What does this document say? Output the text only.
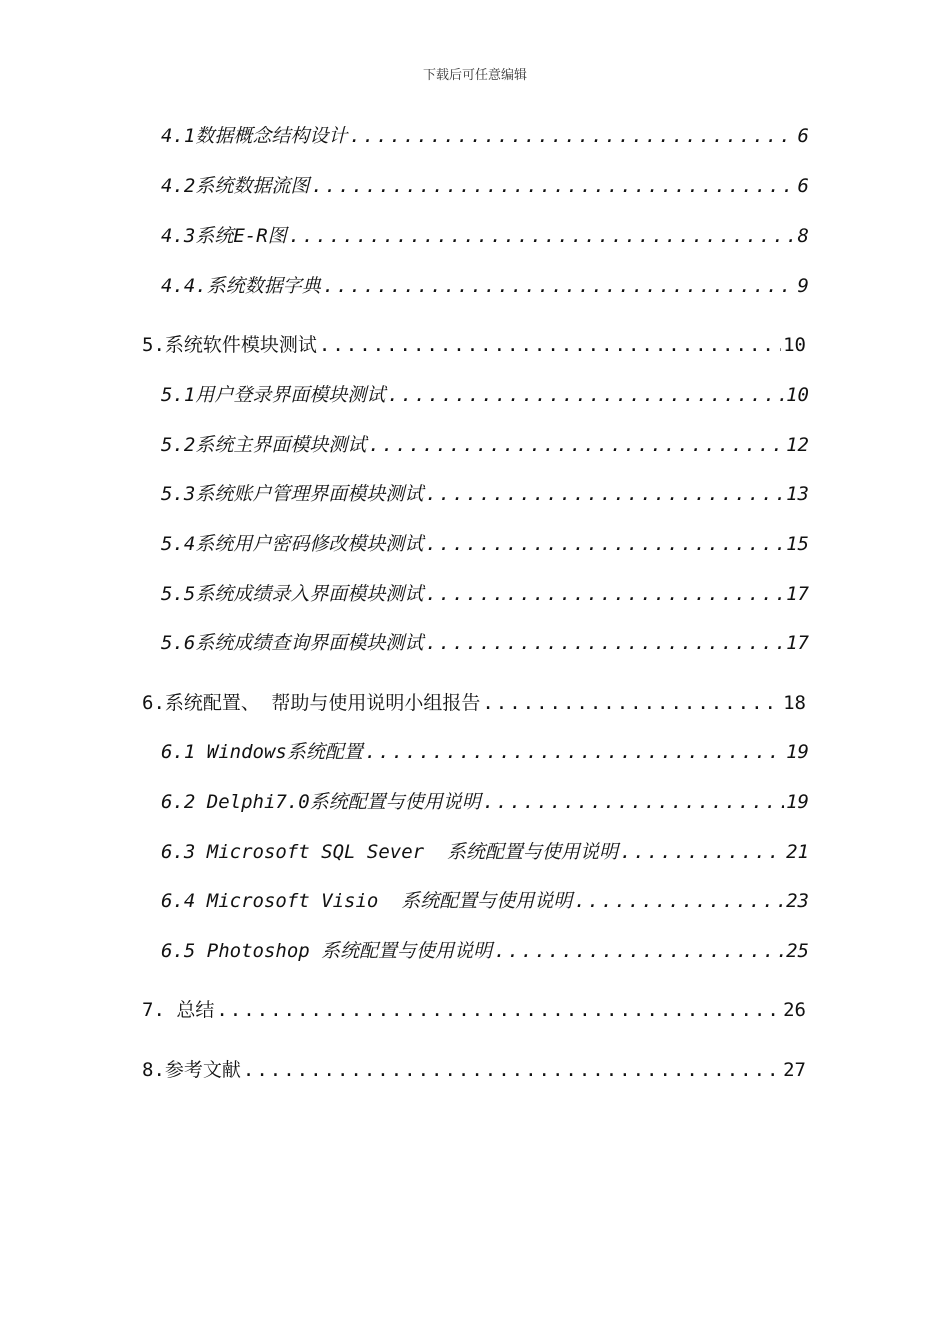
下载后可任意编辑
4.1数据概念结构设计 .....	6
4.2系统数据流图 .....	6
4.3系统E-R图 .....	8
4.4.系统数据字典 .....	9
5.系统软件模块测试 .....	10
5.1用户登录界面模块测试 .....	10
5.2系统主界面模块测试 .....	12
5.3系统账户管理界面模块测试 .....	13
5.4系统用户密码修改模块测试 .....	15
5.5系统成绩录入界面模块测试 .....	17
5.6系统成绩查询界面模块测试 .....	17
6.系统配置、 帮助与使用说明小组报告 .....	18
6.1 Windows系统配置 .....	19
6.2 Delphi7.0系统配置与使用说明 .....	19
6.3 Microsoft SQL Sever  系统配置与使用说明 .....	21
6.4 Microsoft Visio  系统配置与使用说明 .....	23
6.5 Photoshop 系统配置与使用说明 .....	25
7. 总结 .....	26
8.参考文献 .....	27
